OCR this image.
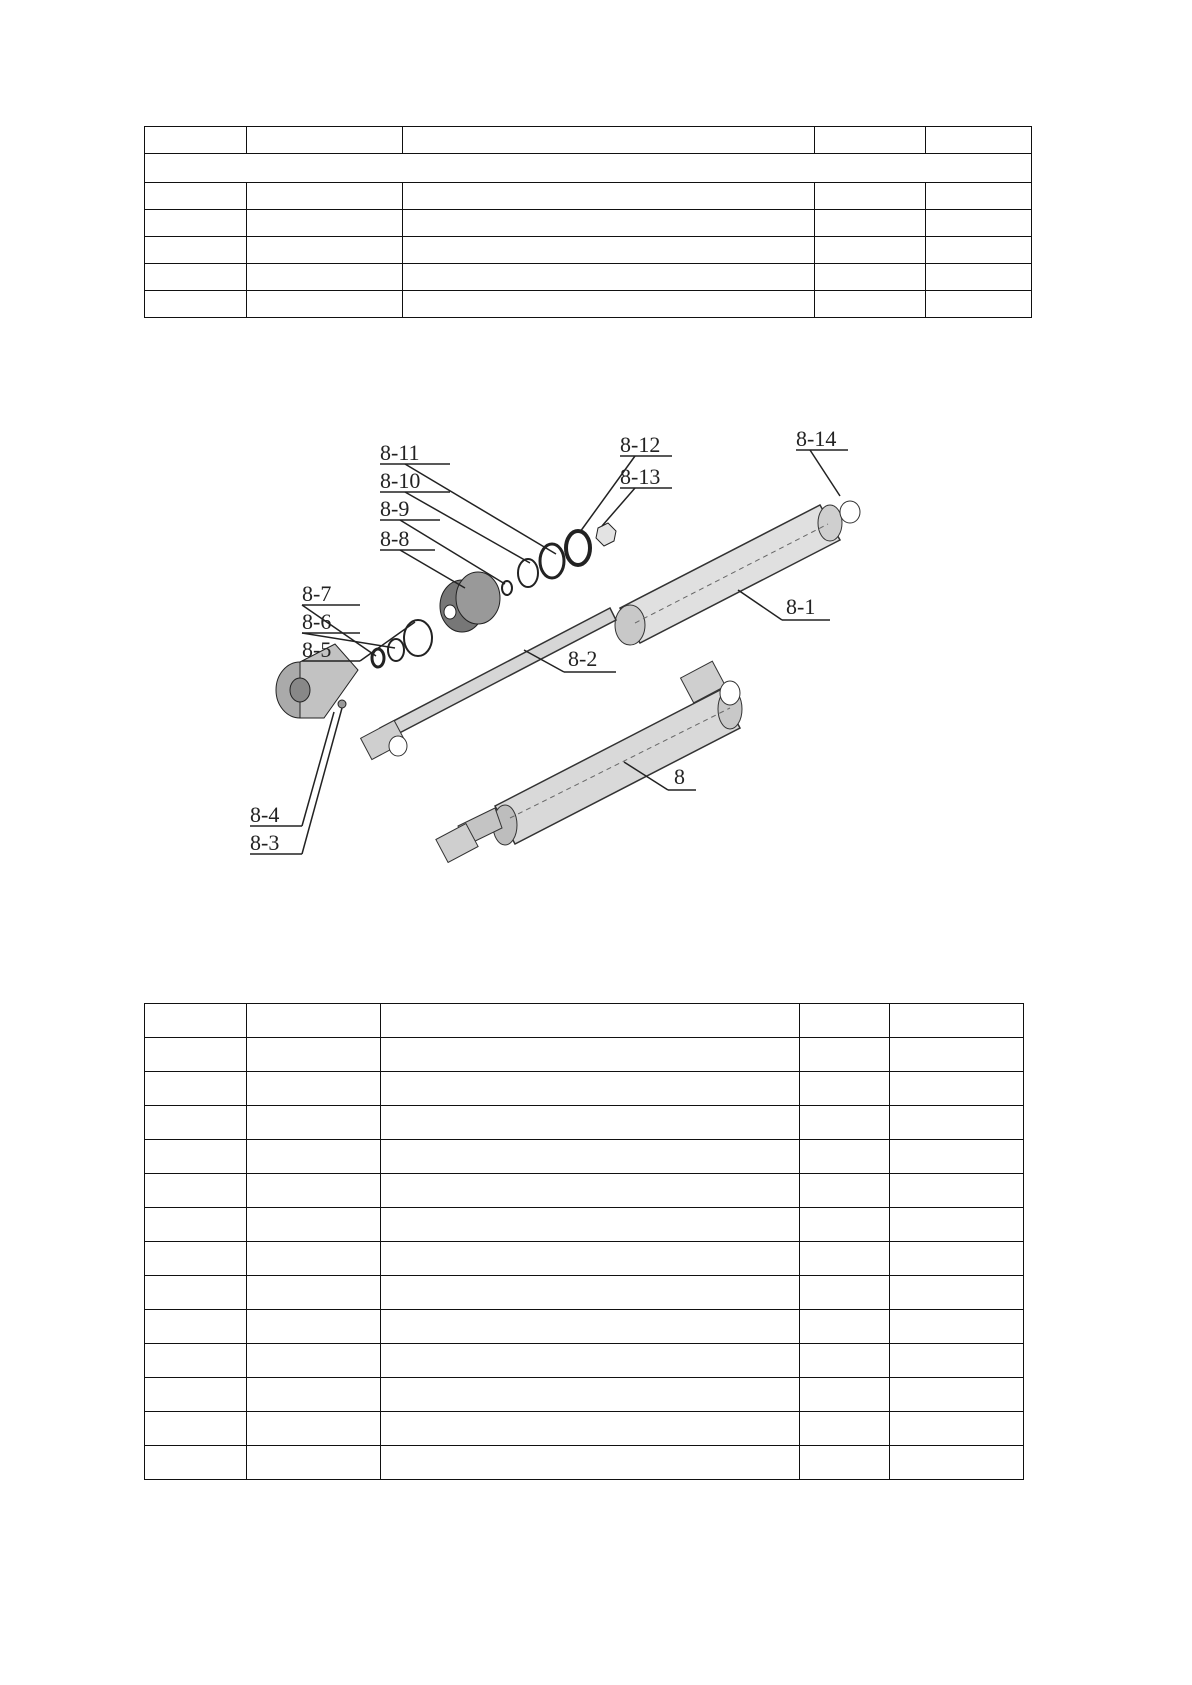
8-11
8-10
8-9
8-8
8-12
8-13
8-14
8-1
8-2
8
8-7
8-6
8-5
8-4
8-3
